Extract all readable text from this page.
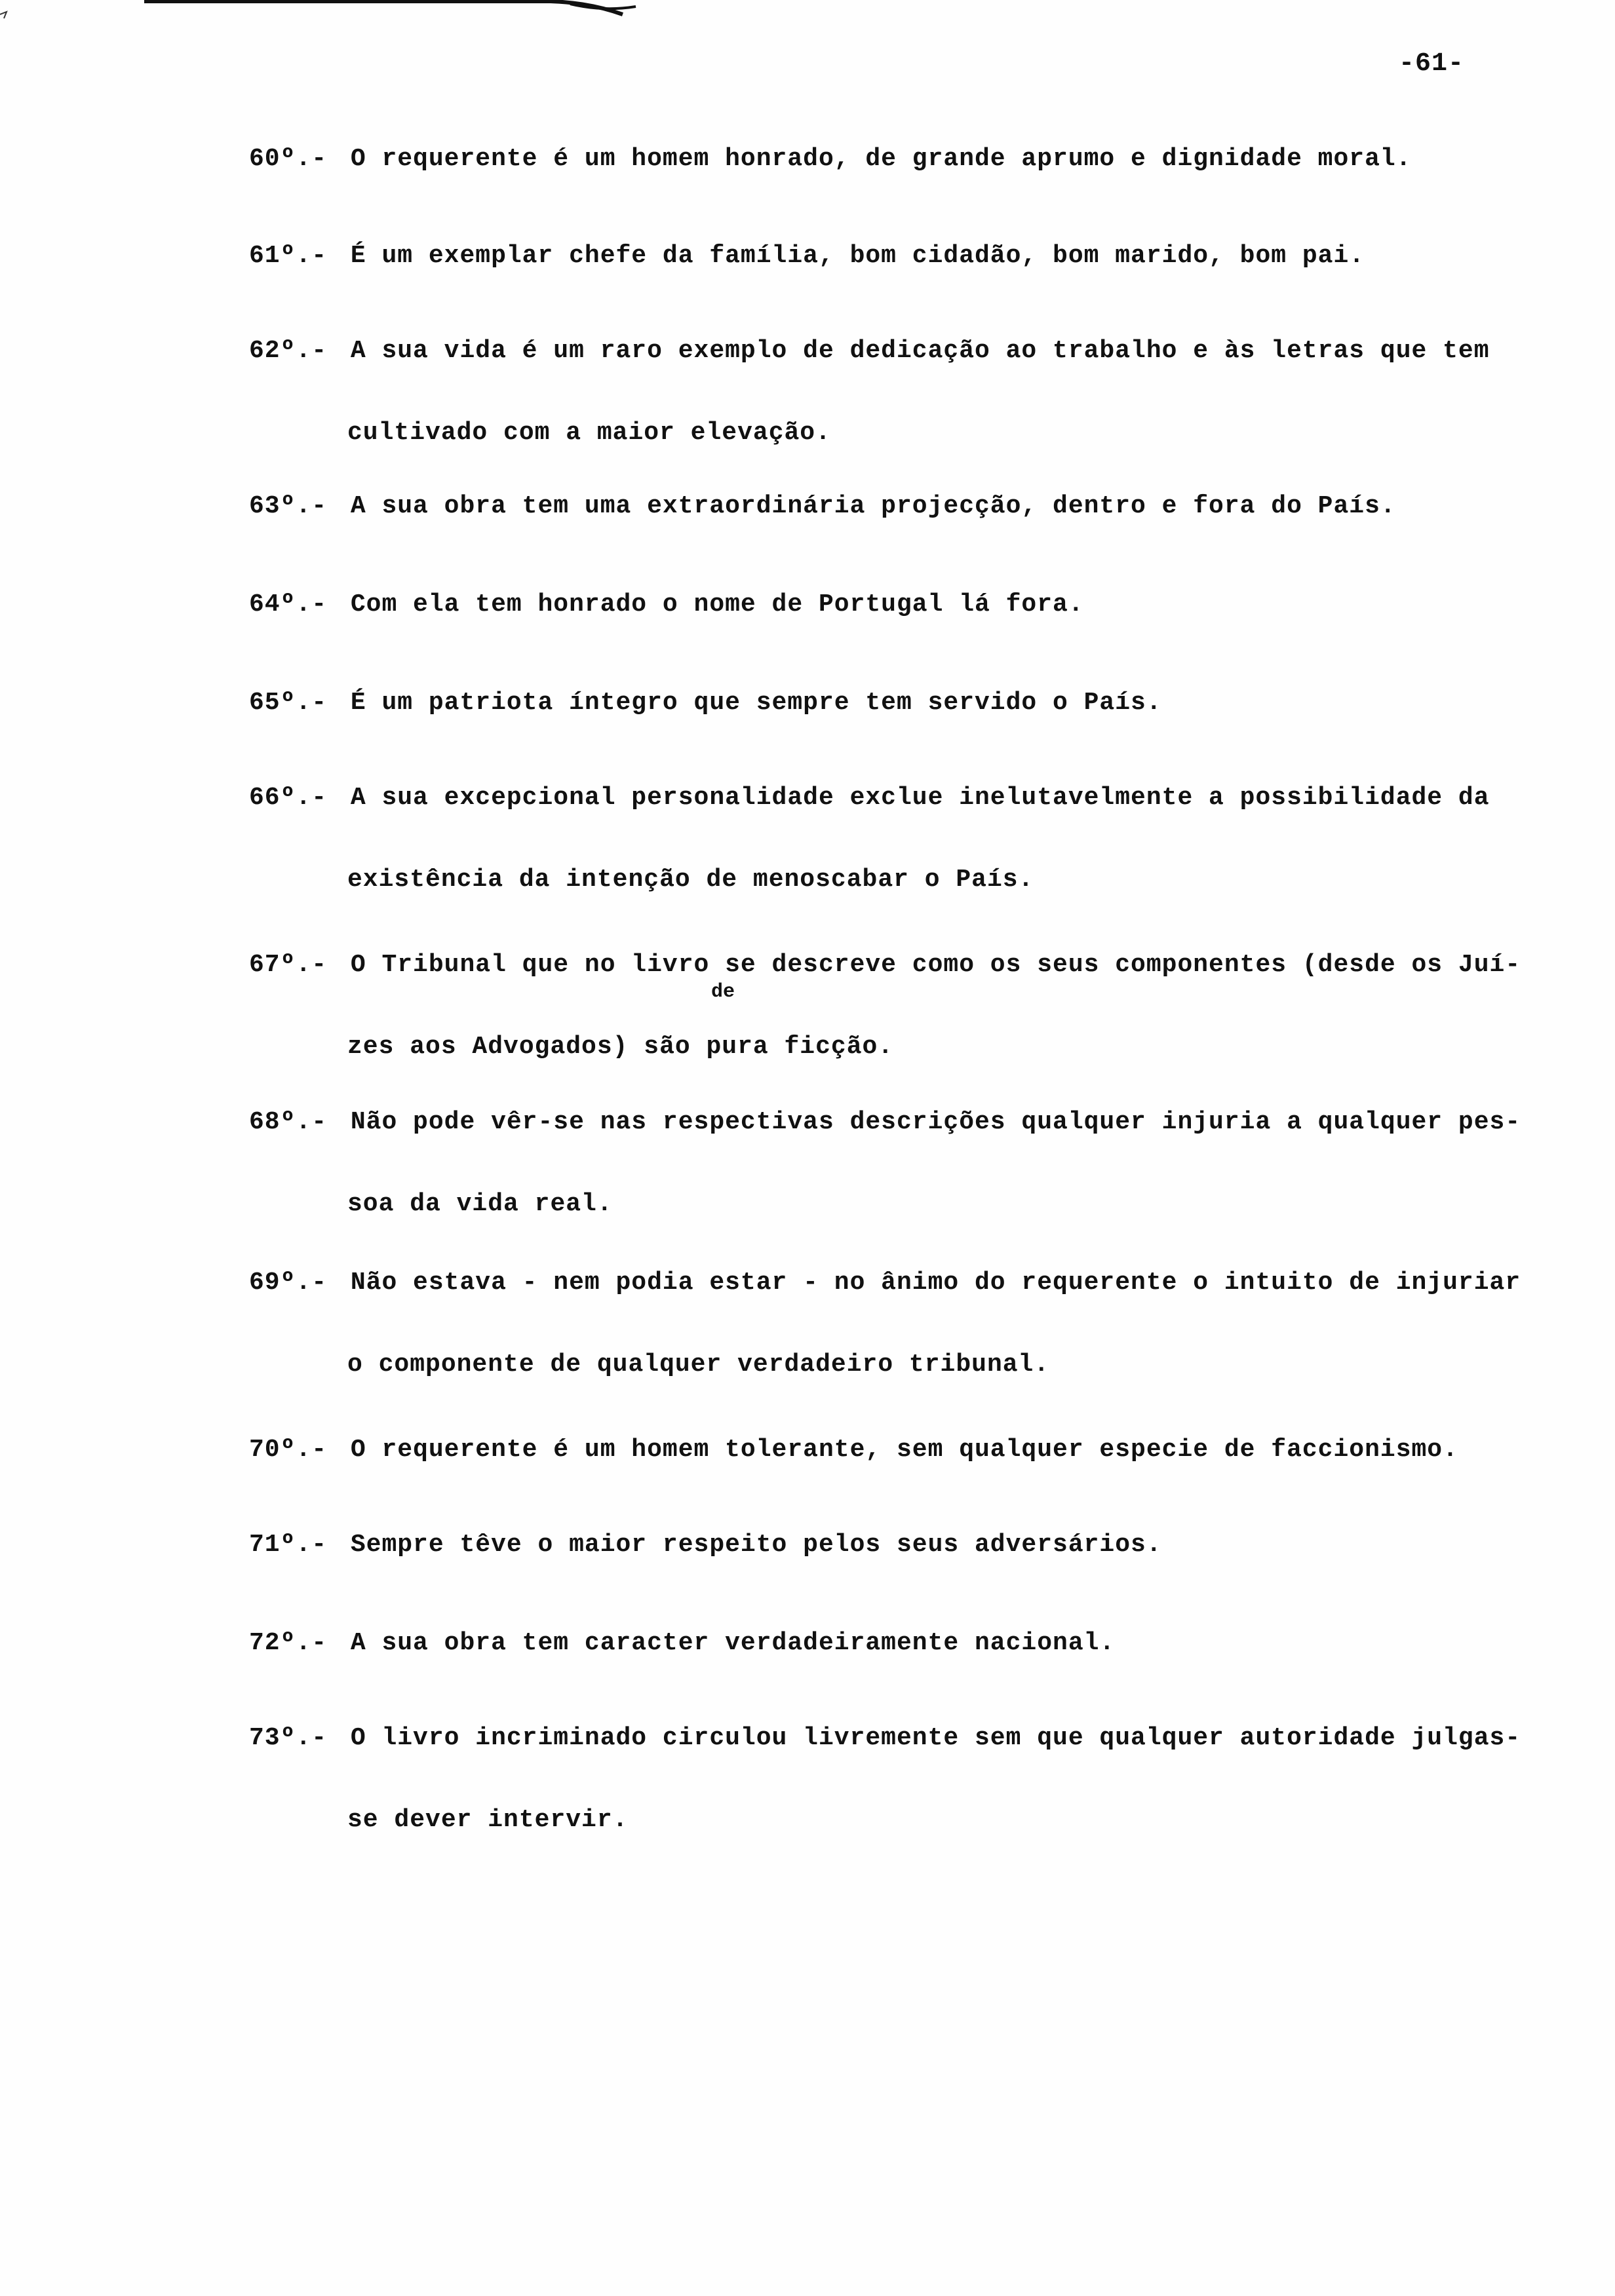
-61-
60º.- O requerente é um homem honrado, de grande aprumo e dignidade moral.
61º.- É um exemplar chefe da família, bom cidadão, bom marido, bom pai.
62º.- A sua vida é um raro exemplo de dedicação ao trabalho e às letras que tem
cultivado com a maior elevação.
63º.- A sua obra tem uma extraordinária projecção, dentro e fora do País.
64º.- Com ela tem honrado o nome de Portugal lá fora.
65º.- É um patriota íntegro que sempre tem servido o País.
66º.- A sua excepcional personalidade exclue inelutavelmente a possibilidade da
existência da intenção de menoscabar o País.
67º.- O Tribunal que no livro se descreve como os seus componentes (desde os Juí-
zes aos Advogados) são pura ficção.
de
68º.- Não pode vêr-se nas respectivas descrições qualquer injuria a qualquer pes-
soa da vida real.
69º.- Não estava - nem podia estar - no ânimo do requerente o intuito de injuriar
o componente de qualquer verdadeiro tribunal.
70º.- O requerente é um homem tolerante, sem qualquer especie de faccionismo.
71º.- Sempre têve o maior respeito pelos seus adversários.
72º.- A sua obra tem caracter verdadeiramente nacional.
73º.- O livro incriminado circulou livremente sem que qualquer autoridade julgas-
se dever intervir.
